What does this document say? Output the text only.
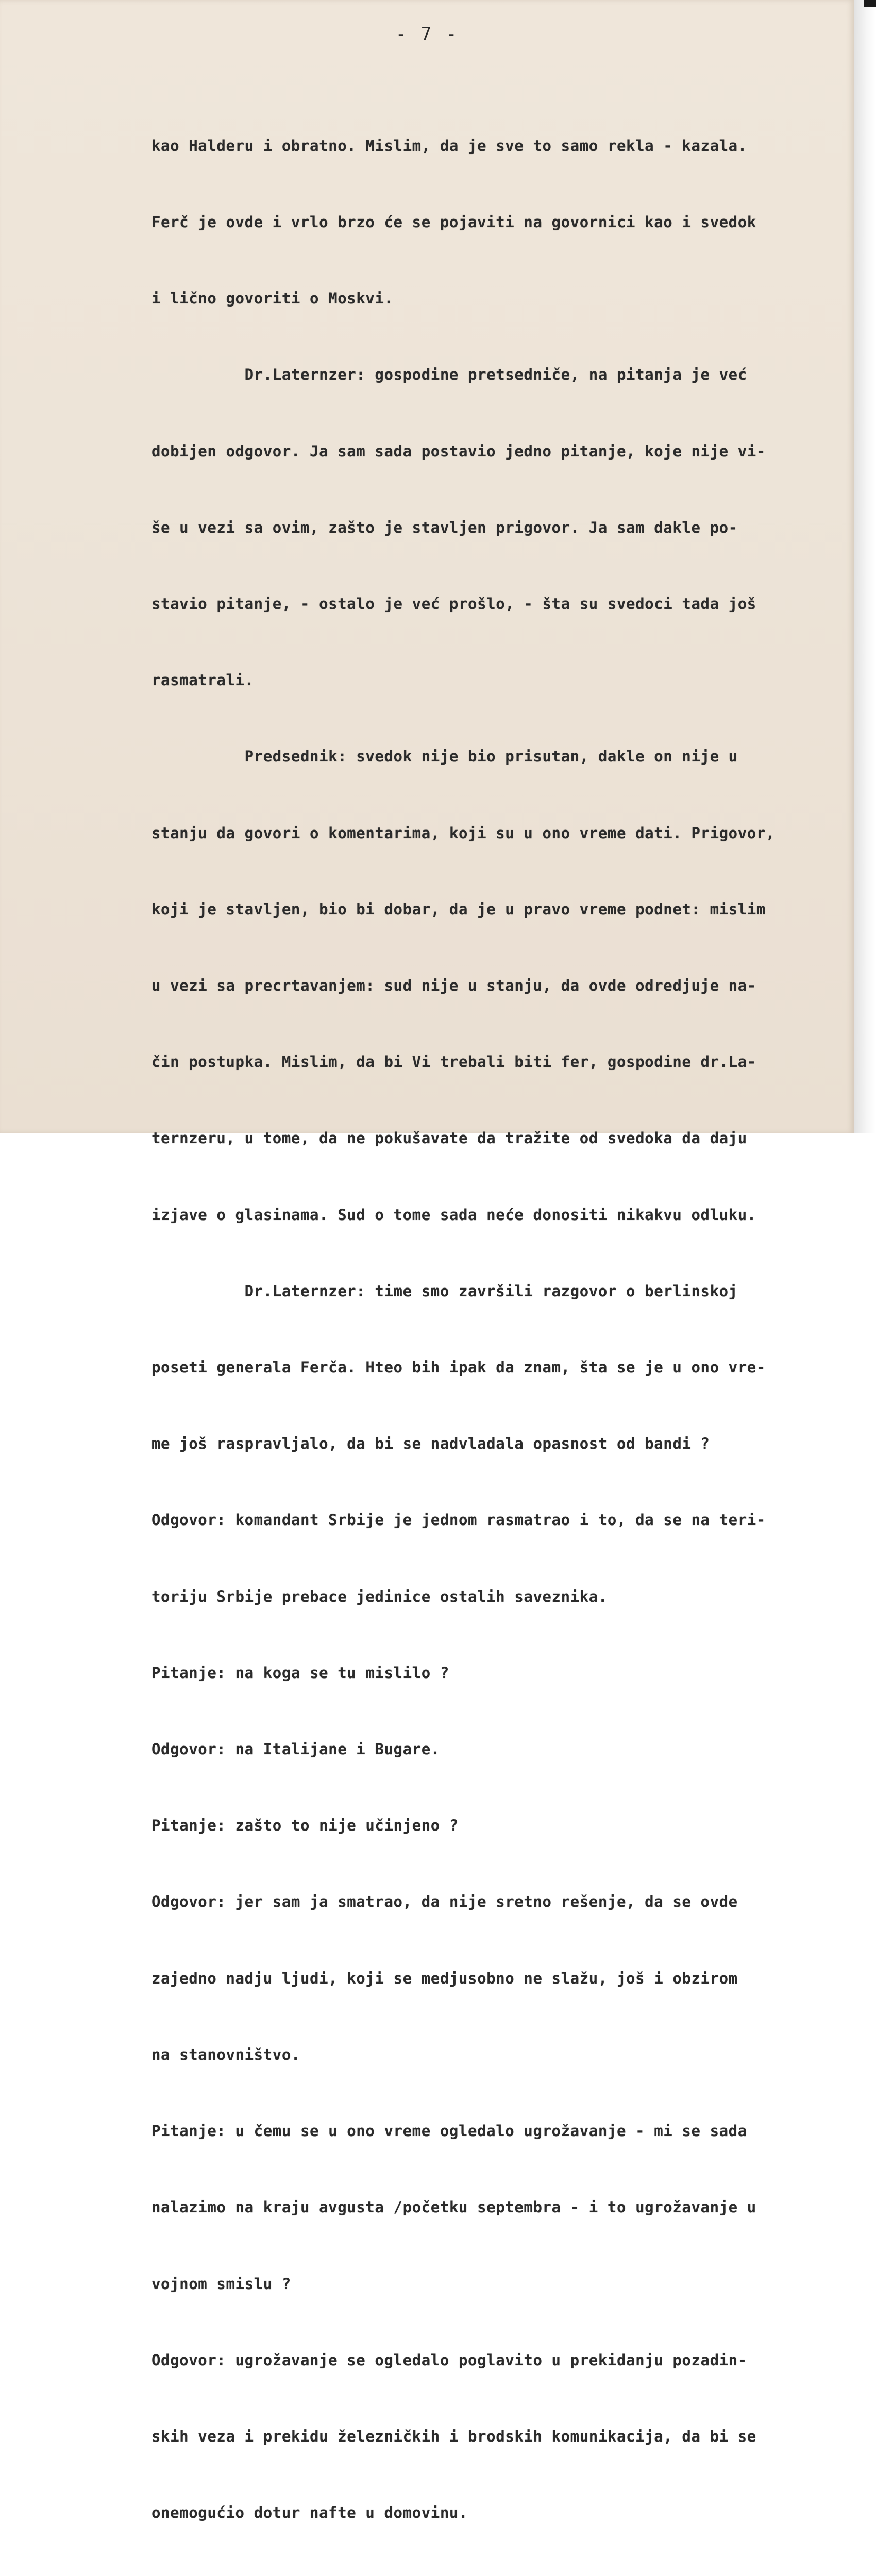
- 7 -

kao Halderu i obratno. Mislim, da je sve to samo rekla - kazala.

Ferč je ovde i vrlo brzo će se pojaviti na govornici kao i svedok

i lično govoriti o Moskvi.

Dr.Laternzer: gospodine pretsedniče, na pitanja je već

dobijen odgovor. Ja sam sada postavio jedno pitanje, koje nije vi-

še u vezi sa ovim, zašto je stavljen prigovor. Ja sam dakle po-

stavio pitanje, - ostalo je već prošlo, - šta su svedoci tada još

rasmatrali.

Predsednik: svedok nije bio prisutan, dakle on nije u

stanju da govori o komentarima, koji su u ono vreme dati. Prigovor,

koji je stavljen, bio bi dobar, da je u pravo vreme podnet: mislim

u vezi sa precrtavanjem: sud nije u stanju, da ovde odredjuje na-

čin postupka. Mislim, da bi Vi trebali biti fer, gospodine dr.La-

ternzeru, u tome, da ne pokušavate da tražite od svedoka da daju

izjave o glasinama. Sud o tome sada neće donositi nikakvu odluku.

Dr.Laternzer: time smo završili razgovor o berlinskoj

poseti generala Ferča. Hteo bih ipak da znam, šta se je u ono vre-

me još raspravljalo, da bi se nadvladala opasnost od bandi ?

Odgovor: komandant Srbije je jednom rasmatrao i to, da se na teri-

toriju Srbije prebace jedinice ostalih saveznika.

Pitanje: na koga se tu mislilo ?

Odgovor: na Italijane i Bugare.

Pitanje: zašto to nije učinjeno ?

Odgovor: jer sam ja smatrao, da nije sretno rešenje, da se ovde

zajedno nadju ljudi, koji se medjusobno ne slažu, još i obzirom

na stanovništvo.

Pitanje: u čemu se u ono vreme ogledalo ugrožavanje - mi se sada

nalazimo na kraju avgusta /početku septembra - i to ugrožavanje u

vojnom smislu ?

Odgovor: ugrožavanje se ogledalo poglavito u prekidanju pozadin-

skih veza i prekidu železničkih i brodskih komunikacija, da bi se

onemogućio dotur nafte u domovinu.
